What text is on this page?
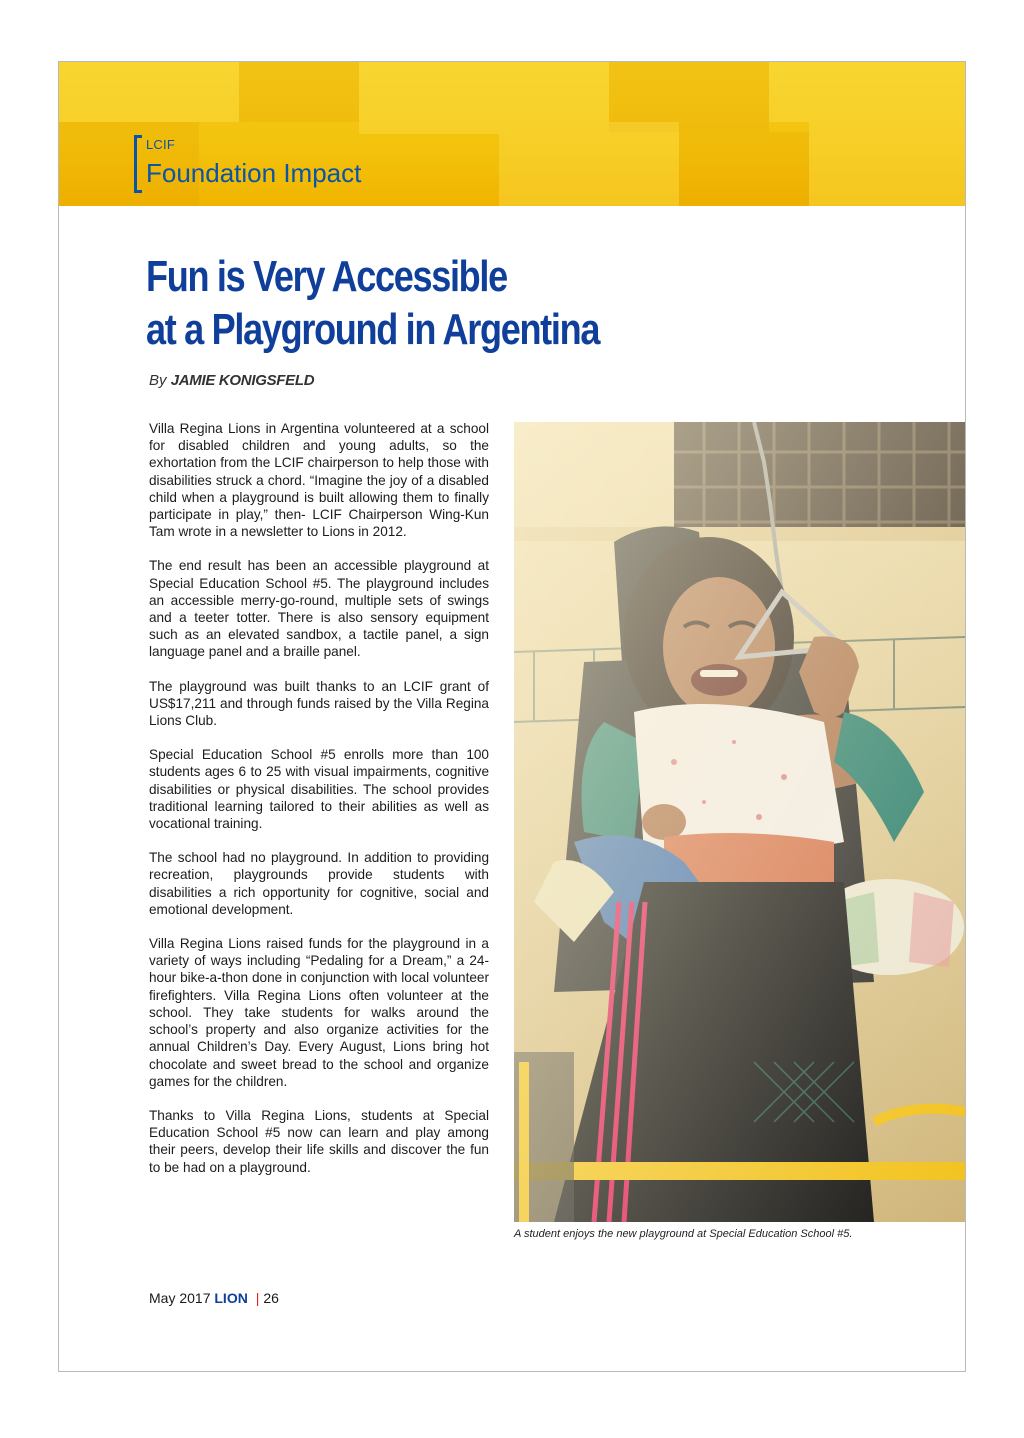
LCIF
Foundation Impact
Fun is Very Accessible
at a Playground in Argentina
By JAMIE KONIGSFELD

Villa Regina Lions in Argentina volunteered at a school for disabled children and young adults, so the exhortation from the LCIF chairperson to help those with disabilities struck a chord. “Imagine the joy of a disabled child when a playground is built allowing them to finally participate in play,” then- LCIF Chairperson Wing-Kun Tam wrote in a newsletter to Lions in 2012.

The end result has been an accessible playground at Special Education School #5. The playground includes an accessible merry-go-round, multiple sets of swings and a teeter totter. There is also sensory equipment such as an elevated sandbox, a tactile panel, a sign language panel and a braille panel.

The playground was built thanks to an LCIF grant of US$17,211 and through funds raised by the Villa Regina Lions Club.

Special Education School #5 enrolls more than 100 students ages 6 to 25 with visual impairments, cognitive disabilities or physical disabilities. The school provides traditional learning tailored to their abilities as well as vocational training.

The school had no playground. In addition to providing recreation, playgrounds provide students with disabilities a rich opportunity for cognitive, social and emotional development.

Villa Regina Lions raised funds for the playground in a variety of ways including “Pedaling for a Dream,” a 24-hour bike-a-thon done in conjunction with local volunteer firefighters. Villa Regina Lions often volunteer at the school. They take students for walks around the school’s property and also organize activities for the annual Children’s Day. Every August, Lions bring hot chocolate and sweet bread to the school and organize games for the children.

Thanks to Villa Regina Lions, students at Special Education School #5 now can learn and play among their peers, develop their life skills and discover the fun to be had on a playground.

A student enjoys the new playground at Special Education School #5.
May 2017 LION | 26
